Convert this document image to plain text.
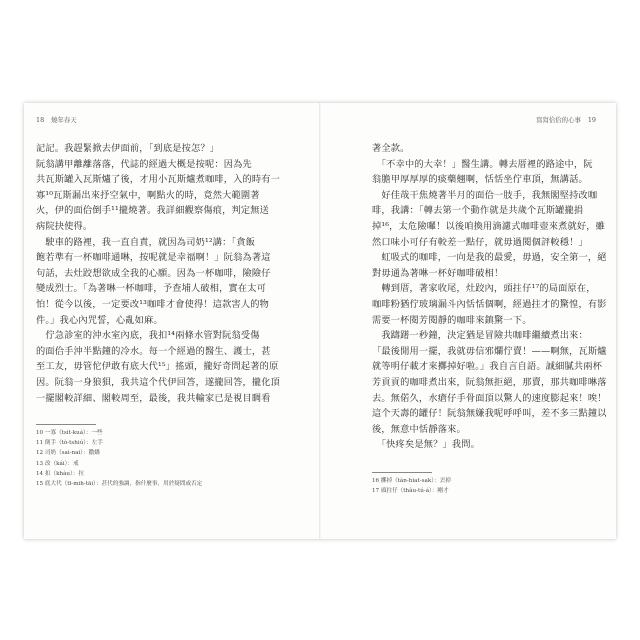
18 燒年春天
記記。我趕緊掀去伊面前，「到底是按怎？」
阮翁講甲離離落落，代誌的經過大概是按呢：因為先
共瓦斯罐入瓦斯爐了後，才用小瓦斯爐煮咖啡，入的時有一
寡¹⁰瓦斯漏出來抒空氣中，啊點火的時，竟然大範圍著
火，伊的面佮倒手¹¹攏燒著。我詳細觀察傷痕，判定無送
病院抉使得。
　駛車的路裡，我一直自責，就因為司奶¹²講：「貪飯
飽若準有一杯咖啡通啉，按呢就是幸福啊！」阮翁為著這
句話，去灶跤想欲成全我的心願。因為一杯咖啡，險險仔
變成烈士。「為著啉一杯咖啡，予查埔人破相，實在太可
怕！從今以後，一定要改¹³咖啡才會使得！這款害人的物
件。」我心內咒誓，心亂如麻。
　佇急診室的沖水室內底，我扣¹⁴兩條水管對阮翁受傷
的面佮手沖半點鐘的冷水。每一个經過的醫生、護士，甚
至工友，毋管佗伊敢有底大代¹⁵」搖頭，攏好奇問起著的原
因。阮翁一身狼狽，我共這个代伊回答，遂攏回答，攏化頂
一擺閣較詳細、閣較周至，最後，我共輸家已是視目睭看
10 一寡（tsi̍t-kuá）：一些
11 倒手（tò-tshiú）：左手
12 司奶（sai-nai）：撒嬌
13 改（kái）：戒
14 扣（khàu）：拉
15 底大代（tī-mih-tāi）：甚代的強調，指什麼事，用於疑問或否定
寫寫佮佮的心事 19
著全款。
　「不幸中的大幸！」醫生講。轉去厝裡的路途中，阮
翁膽甲厚厚厚的痰藥翹啊，恬恬坐佇車頂，無講話。
　好佳哉干焦燒著半月的面佮一肢手，我無閣堅持改咖
啡，我講：「轉去第一个動作就是共歲个瓦斯罐攏捐
掉¹⁶，太危險囉！以後咱換用滴濾式咖啡壺來煮就好，雖
然口味小可仔有較差一點仔，就毋過閱個評較穩！」
　虹吸式的咖啡，一向是我的最愛，毋過，安全第一，絕
對毋通為著啉一杯好咖啡破相！
　轉到厝，著家收尾，灶跤內，頭拄仔¹⁷的局面原在，
咖啡粉猶佇玻璃漏斗內恬恬個啊，經過拄才的驚惶，有影
需要一杯閱芳閱靜的咖啡來鎮驚一下。
　我躊躇一秒鐘，決定猶是冒險共咖啡繼續煮出來：
「最後閒用一擺，我就毋信邪爛佇賣！——啊無，瓦斯爐
就等明仔載才來擲掉好啦。」我自言自語。誠細膩共兩杯
芳貢貢的咖啡煮出來，阮翁無拒絕，那賣，那共咖啡啉落
去。無偌久，水瘡仔手骨面頂以驚人的速度膨起來！唉！
這个天壽的罐仔！阮翁無嫌我呢呼呼叫，差不多三點鐘以
後，無意中恬靜落來。
　「快疼矣是無？」我問。
16 擲掉（tàn-hiat-sak）：丟掉
17 頭拄仔（thâu-tú-á）：剛才
